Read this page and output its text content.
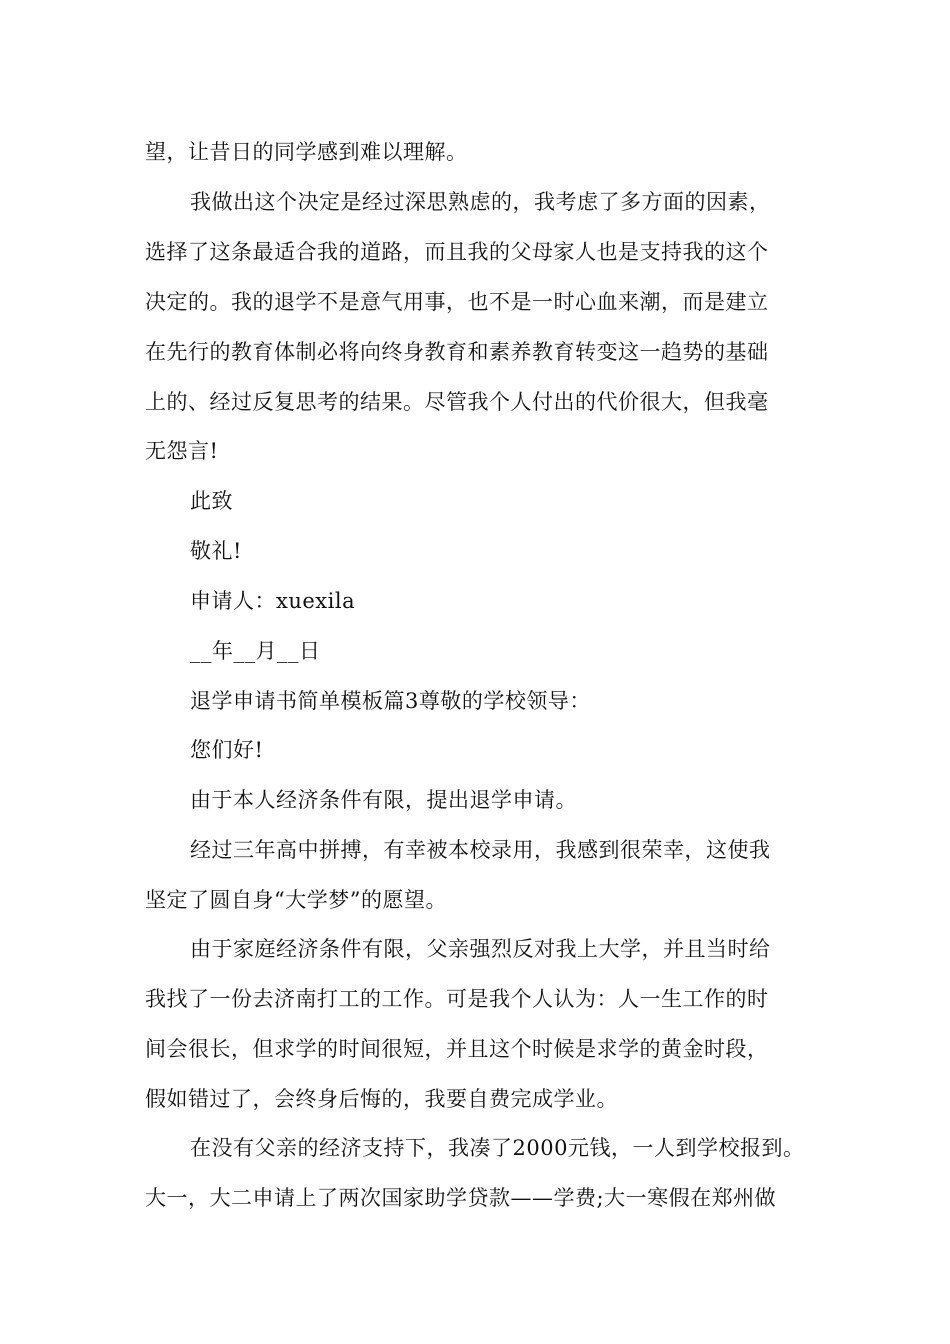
望，让昔日的同学感到难以理解。
我做出这个决定是经过深思熟虑的，我考虑了多方面的因素，
选择了这条最适合我的道路，而且我的父母家人也是支持我的这个
决定的。我的退学不是意气用事，也不是一时心血来潮，而是建立
在先行的教育体制必将向终身教育和素养教育转变这一趋势的基础
上的、经过反复思考的结果。尽管我个人付出的代价很大，但我毫
无怨言!
此致
敬礼!
申请人：xuexila
__年__月__日
退学申请书简单模板篇3尊敬的学校领导：
您们好!
由于本人经济条件有限，提出退学申请。
经过三年高中拼搏，有幸被本校录用，我感到很荣幸，这使我
坚定了圆自身“大学梦”的愿望。
由于家庭经济条件有限，父亲强烈反对我上大学，并且当时给
我找了一份去济南打工的工作。可是我个人认为：人一生工作的时
间会很长，但求学的时间很短，并且这个时候是求学的黄金时段，
假如错过了，会终身后悔的，我要自费完成学业。
在没有父亲的经济支持下，我凑了2000元钱，一人到学校报到。
大一，大二申请上了两次国家助学贷款——学费;大一寒假在郑州做
